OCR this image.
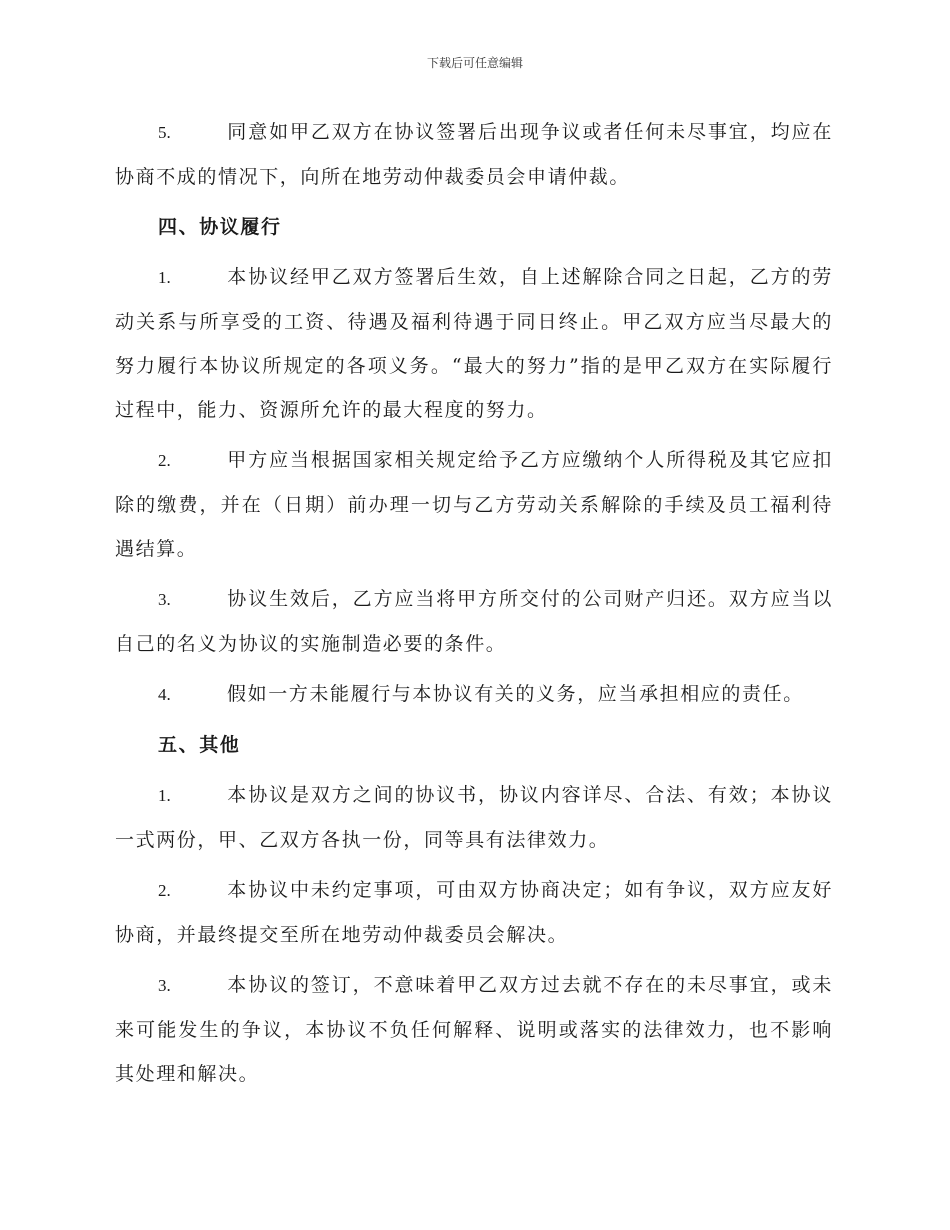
下载后可任意编辑

5.	同意如甲乙双方在协议签署后出现争议或者任何未尽事宜，均应在协商不成的情况下，向所在地劳动仲裁委员会申请仲裁。

四、协议履行

1.	本协议经甲乙双方签署后生效，自上述解除合同之日起，乙方的劳动关系与所享受的工资、待遇及福利待遇于同日终止。甲乙双方应当尽最大的努力履行本协议所规定的各项义务。“最大的努力”指的是甲乙双方在实际履行过程中，能力、资源所允许的最大程度的努力。

2.	甲方应当根据国家相关规定给予乙方应缴纳个人所得税及其它应扣除的缴费，并在（日期）前办理一切与乙方劳动关系解除的手续及员工福利待遇结算。

3.	协议生效后，乙方应当将甲方所交付的公司财产归还。双方应当以自己的名义为协议的实施制造必要的条件。

4.	假如一方未能履行与本协议有关的义务，应当承担相应的责任。

五、其他

1.	本协议是双方之间的协议书，协议内容详尽、合法、有效；本协议一式两份，甲、乙双方各执一份，同等具有法律效力。

2.	本协议中未约定事项，可由双方协商决定；如有争议，双方应友好协商，并最终提交至所在地劳动仲裁委员会解决。

3.	本协议的签订，不意味着甲乙双方过去就不存在的未尽事宜，或未来可能发生的争议，本协议不负任何解释、说明或落实的法律效力，也不影响其处理和解决。
